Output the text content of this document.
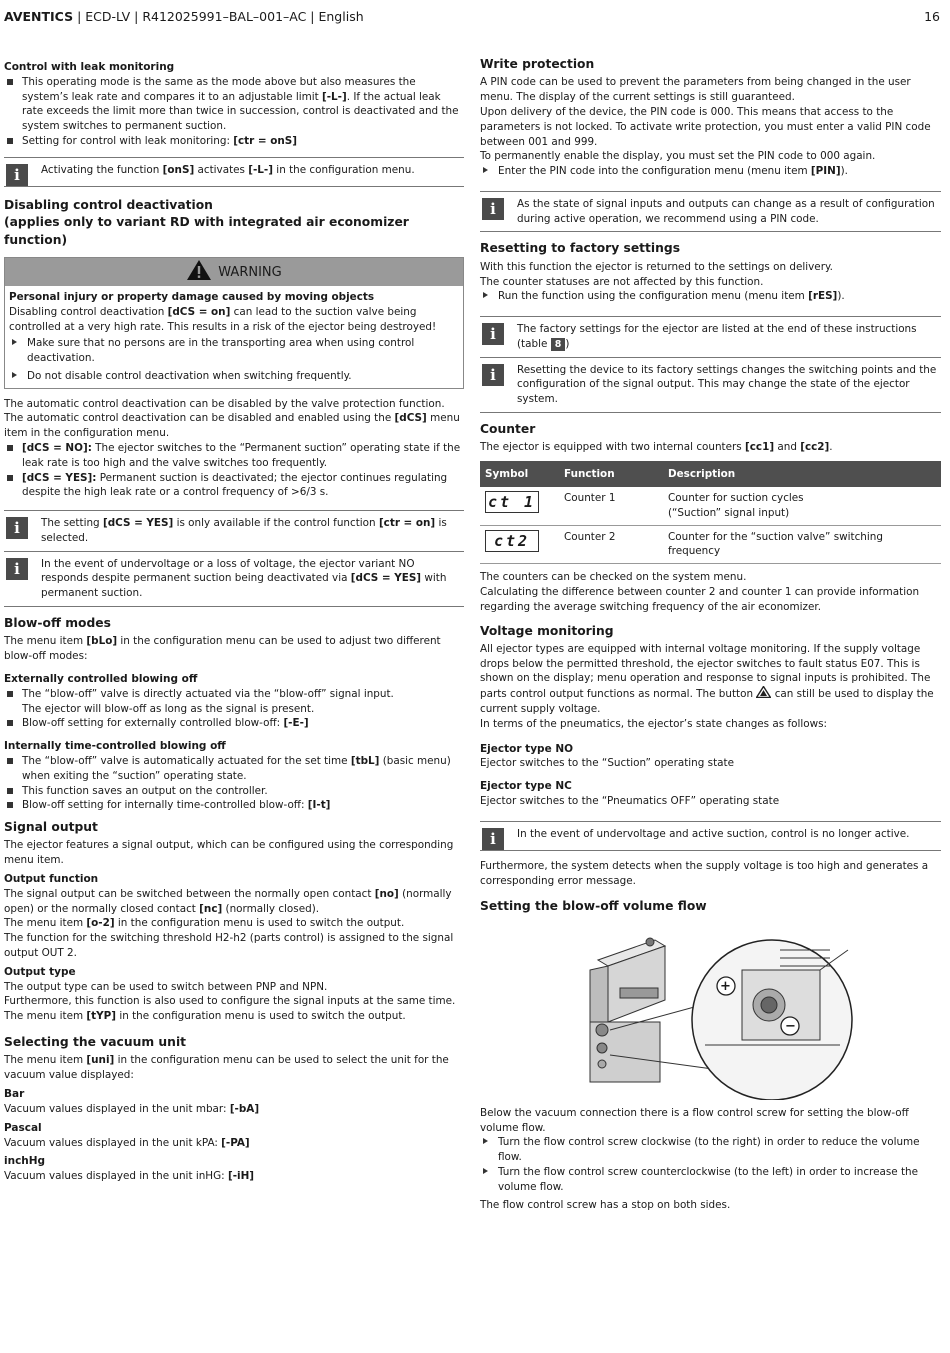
AVENTICS | ECD-LV | R412025991–BAL–001–AC | English	16
Control with leak monitoring
This operating mode is the same as the mode above but also measures the system’s leak rate and compares it to an adjustable limit [-L-]. If the actual leak rate exceeds the limit more than twice in succession, control is deactivated and the system switches to permanent suction.
Setting for control with leak monitoring: [ctr = onS]
i	Activating the function [onS] activates [-L-] in the configuration menu.
Disabling control deactivation
(applies only to variant RD with integrated air economizer function)
WARNING
Personal injury or property damage caused by moving objects

Disabling control deactivation [dCS = on] can lead to the suction valve being controlled at a very high rate. This results in a risk of the ejector being destroyed!

Make sure that no persons are in the transporting area when using control deactivation.
Do not disable control deactivation when switching frequently.

The automatic control deactivation can be disabled by the valve protection function.

The automatic control deactivation can be disabled and enabled using the [dCS] menu item in the configuration menu.

[dCS = NO]: The ejector switches to the “Permanent suction” operating state if the leak rate is too high and the valve switches too frequently.
[dCS = YES]: Permanent suction is deactivated; the ejector continues regulating despite the high leak rate or a control frequency of >6/3 s.
i	The setting [dCS = YES] is only available if the control function [ctr = on] is selected.
i	In the event of undervoltage or a loss of voltage, the ejector variant NO responds despite permanent suction being deactivated via [dCS = YES] with permanent suction.
Blow-off modes

The menu item [bLo] in the configuration menu can be used to adjust two different blow-off modes:

Externally controlled blowing off
The “blow-off” valve is directly actuated via the “blow-off” signal input.
The ejector will blow-off as long as the signal is present.
Blow-off setting for externally controlled blow-off: [-E-]
Internally time-controlled blowing off
The “blow-off” valve is automatically actuated for the set time [tbL] (basic menu) when exiting the “suction” operating state.
This function saves an output on the controller.
Blow-off setting for internally time-controlled blow-off: [I-t]
Signal output

The ejector features a signal output, which can be configured using the corresponding menu item.

Output function

The signal output can be switched between the normally open contact [no] (normally open) or the normally closed contact [nc] (normally closed).

The menu item [o-2] in the configuration menu is used to switch the output.

The function for the switching threshold H2-h2 (parts control) is assigned to the signal output OUT 2.

Output type

The output type can be used to switch between PNP and NPN.

Furthermore, this function is also used to configure the signal inputs at the same time.

The menu item [tYP] in the configuration menu is used to switch the output.

Selecting the vacuum unit

The menu item [uni] in the configuration menu can be used to select the unit for the vacuum value displayed:

Bar

Vacuum values displayed in the unit mbar: [-bA]

Pascal

Vacuum values displayed in the unit kPA: [-PA]

inchHg

Vacuum values displayed in the unit inHG: [-iH]

Write protection

A PIN code can be used to prevent the parameters from being changed in the user menu. The display of the current settings is still guaranteed.

Upon delivery of the device, the PIN code is 000. This means that access to the parameters is not locked. To activate write protection, you must enter a valid PIN code between 001 and 999.

To permanently enable the display, you must set the PIN code to 000 again.

Enter the PIN code into the configuration menu (menu item [PIN]).
i	As the state of signal inputs and outputs can change as a result of configuration during active operation, we recommend using a PIN code.
Resetting to factory settings

With this function the ejector is returned to the settings on delivery.

The counter statuses are not affected by this function.

Run the function using the configuration menu (menu item [rES]).
i	The factory settings for the ejector are listed at the end of these instructions (table 8 )
i	Resetting the device to its factory settings changes the switching points and the configuration of the signal output. This may change the state of the ejector system.
Counter

The ejector is equipped with two internal counters [cc1] and [cc2].

Symbol	Function	Description
ct 1	Counter 1	Counter for suction cycles
(“Suction” signal input)
ct2	Counter 2	Counter for the “suction valve” switching
frequency

The counters can be checked on the system menu.

Calculating the difference between counter 2 and counter 1 can provide information regarding the average switching frequency of the air economizer.

Voltage monitoring

All ejector types are equipped with internal voltage monitoring. If the supply voltage drops below the permitted threshold, the ejector switches to fault status E07. This is shown on the display; menu operation and response to signal inputs is prohibited. The parts control output functions as normal. The button  can still be used to display the current supply voltage.

In terms of the pneumatics, the ejector’s state changes as follows:

Ejector type NO

Ejector switches to the “Suction” operating state

Ejector type NC

Ejector switches to the “Pneumatics OFF” operating state

i	In the event of undervoltage and active suction, control is no longer active.

Furthermore, the system detects when the supply voltage is too high and generates a corresponding error message.

Setting the blow-off volume flow
+
−

Below the vacuum connection there is a flow control screw for setting the blow-off volume flow.

Turn the flow control screw clockwise (to the right) in order to reduce the volume flow.
Turn the flow control screw counterclockwise (to the left) in order to increase the volume flow.

The flow control screw has a stop on both sides.
